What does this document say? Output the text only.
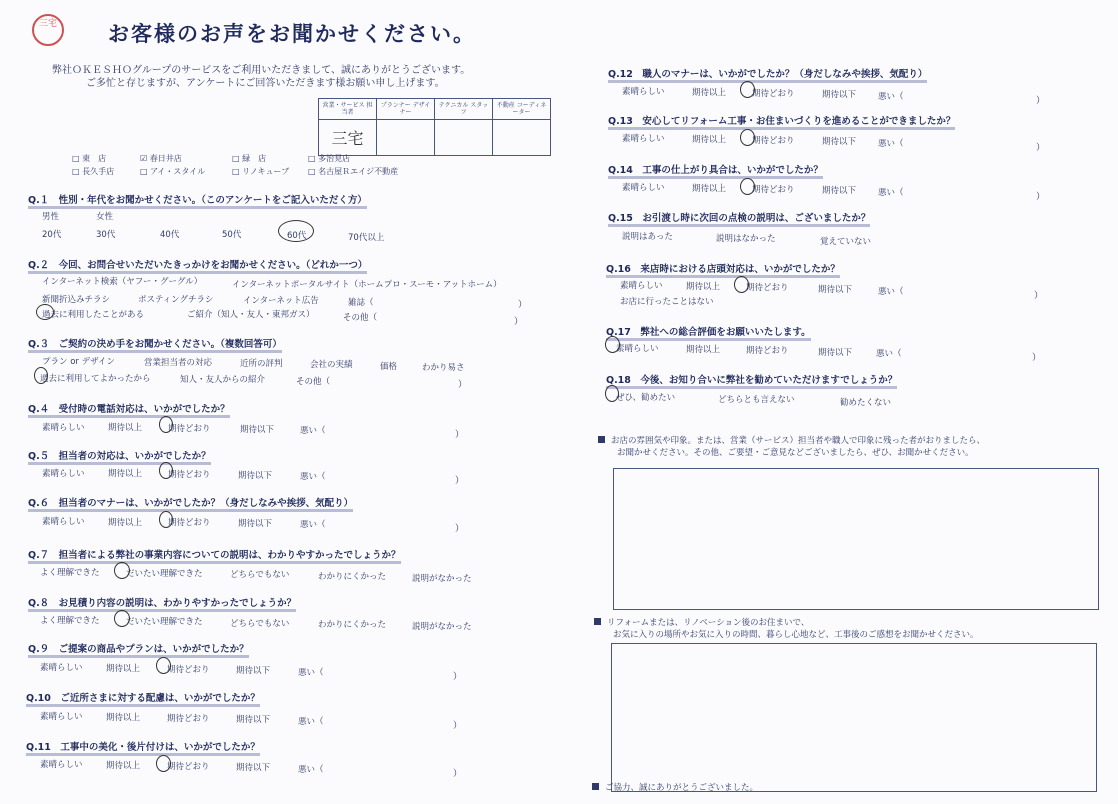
三宅	お客様のお声をお聞かせください。
弊社ＯＫＥＳＨＯグループのサービスをご利用いただきまして、誠にありがとうございます。
ご多忙と存じますが、アンケートにご回答いただきます様お願い申し上げます。
営業・サービス 担当者	プランナー デザイナー	テクニカル スタッフ	不動産 コーディネーター
三宅			
□ 東　店	☑ 春日井店	□ 緑　店	□ 多治見店
□ 長久手店	□ アイ・スタイル	□ リノキューブ □ 名古屋Ｒエイジ不動産
Q.１　性別・年代をお聞かせください。（このアンケートをご記入いただく方）
男性	女性
20代	30代	40代	50代	60代	70代以上
Q.２　今回、お問合せいただいたきっかけをお聞かせください。（どれか一つ）
インターネット検索（ヤフー・グーグル）	インターネットポータルサイト（ホームプロ・スーモ・アットホーム）
新聞折込みチラシ	ポスティングチラシ	インターネット広告	雑誌（	）
過去に利用したことがある	ご紹介（知人・友人・東邦ガス）	その他（	）
Q.３　ご契約の決め手をお聞かせください。（複数回答可）
プラン or デザイン	営業担当者の対応	近所の評判	会社の実績	価格	わかり易さ
過去に利用してよかったから	知人・友人からの紹介	その他（	）
Q.４　受付時の電話対応は、いかがでしたか？
素晴らしい	期待以上	期待どおり	期待以下	悪い（	）
Q.５　担当者の対応は、いかがでしたか？
素晴らしい	期待以上	期待どおり	期待以下	悪い（	）
Q.６　担当者のマナーは、いかがでしたか？（身だしなみや挨拶、気配り）
素晴らしい	期待以上	期待どおり	期待以下	悪い（	）
Q.７　担当者による弊社の事業内容についての説明は、わかりやすかったでしょうか？
よく理解できた	だいたい理解できた	どちらでもない	わかりにくかった	説明がなかった
Q.８　お見積り内容の説明は、わかりやすかったでしょうか？
よく理解できた	だいたい理解できた	どちらでもない	わかりにくかった	説明がなかった
Q.９　ご提案の商品やプランは、いかがでしたか？
素晴らしい	期待以上	期待どおり	期待以下	悪い（	）
Q.10　ご近所さまに対する配慮は、いかがでしたか？
素晴らしい	期待以上	期待どおり	期待以下	悪い（	）
Q.11　工事中の美化・後片付けは、いかがでしたか？
素晴らしい	期待以上	期待どおり	期待以下	悪い（	）
Q.12　職人のマナーは、いかがでしたか？（身だしなみや挨拶、気配り）
素晴らしい	期待以上	期待どおり	期待以下	悪い（	）
Q.13　安心してリフォーム工事・お住まいづくりを進めることができましたか？
素晴らしい	期待以上	期待どおり	期待以下	悪い（	）
Q.14　工事の仕上がり具合は、いかがでしたか？
素晴らしい	期待以上	期待どおり	期待以下	悪い（	）
Q.15　お引渡し時に次回の点検の説明は、ございましたか？
説明はあった	説明はなかった	覚えていない
Q.16　来店時における店頭対応は、いかがでしたか？
素晴らしい	期待以上	期待どおり	期待以下	悪い（	）
お店に行ったことはない
Q.17　弊社への総合評価をお願いいたします。
素晴らしい	期待以上	期待どおり	期待以下	悪い（	）
Q.18　今後、お知り合いに弊社を勧めていただけますでしょうか？
ぜひ、勧めたい	どちらとも言えない	勧めたくない
お店の雰囲気や印象。または、営業（サービス）担当者や職人で印象に残った者がおりましたら、
お聞かせください。その他、ご要望・ご意見などございましたら、ぜひ、お聞かせください。
リフォームまたは、リノベーション後のお住まいで、
お気に入りの場所やお気に入りの時間、暮らし心地など、工事後のご感想をお聞かせください。
ご協力、誠にありがとうございました。
